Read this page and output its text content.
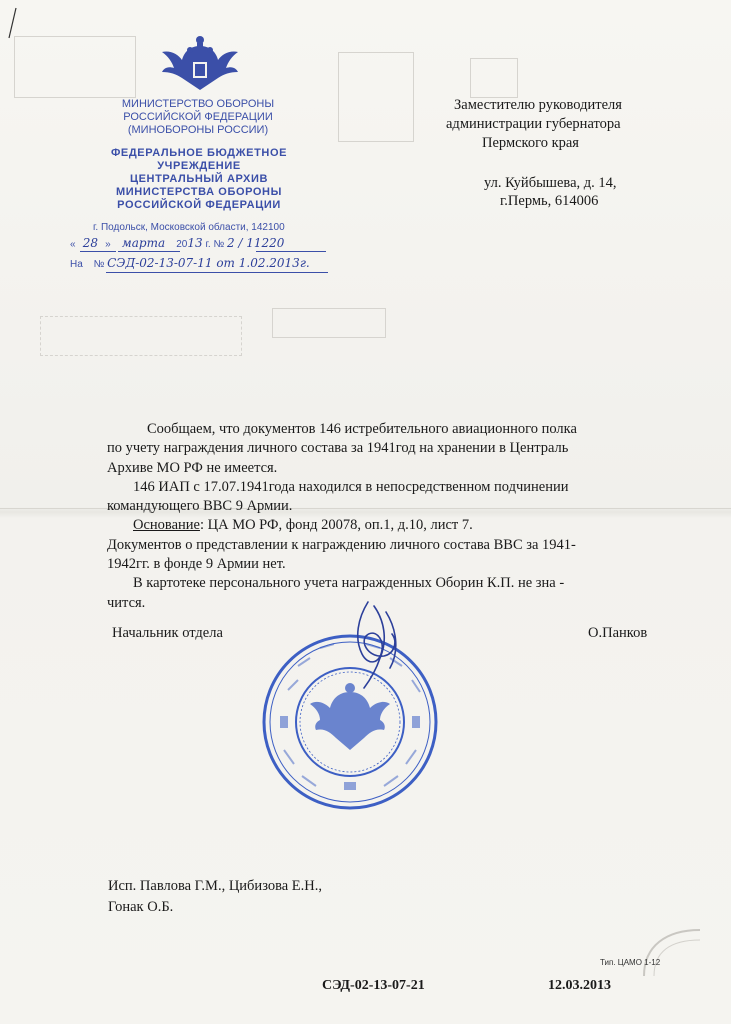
МИНИСТЕРСТВО ОБОРОНЫ
РОССИЙСКОЙ ФЕДЕРАЦИИ
(МИНОБОРОНЫ РОССИИ)
ФЕДЕРАЛЬНОЕ БЮДЖЕТНОЕ
УЧРЕЖДЕНИЕ
ЦЕНТРАЛЬНЫЙ АРХИВ
МИНИСТЕРСТВА ОБОРОНЫ
РОССИЙСКОЙ ФЕДЕРАЦИИ
г. Подольск, Московской области, 142100
« 28 » марта 2013 г. № 2 / 11220
На № СЭД-02-13-07-11 от 1.02.2013г.
Заместителю руководителя
администрации губернатора
Пермского края
ул. Куйбышева, д. 14,
г.Пермь, 614006
Сообщаем, что документов 146 истребительного авиационного полка
по учету награждения личного состава за 1941год на хранении в Централь
Архиве МО РФ не имеется.
146 ИАП с 17.07.1941года находился в непосредственном подчинении
командующего ВВС 9 Армии.
Основание: ЦА МО РФ, фонд 20078, оп.1, д.10, лист 7.
Документов о представлении к награждению личного состава ВВС за 1941-
1942гг. в фонде 9 Армии нет.
В картотеке персонального учета награжденных Оборин К.П. не зна -
чится.
Начальник отдела	О.Панков
Исп. Павлова Г.М., Цибизова Е.Н.,
Гонак О.Б.
Тип. ЦАМО 1-12
СЭД-02-13-07-21	12.03.2013
